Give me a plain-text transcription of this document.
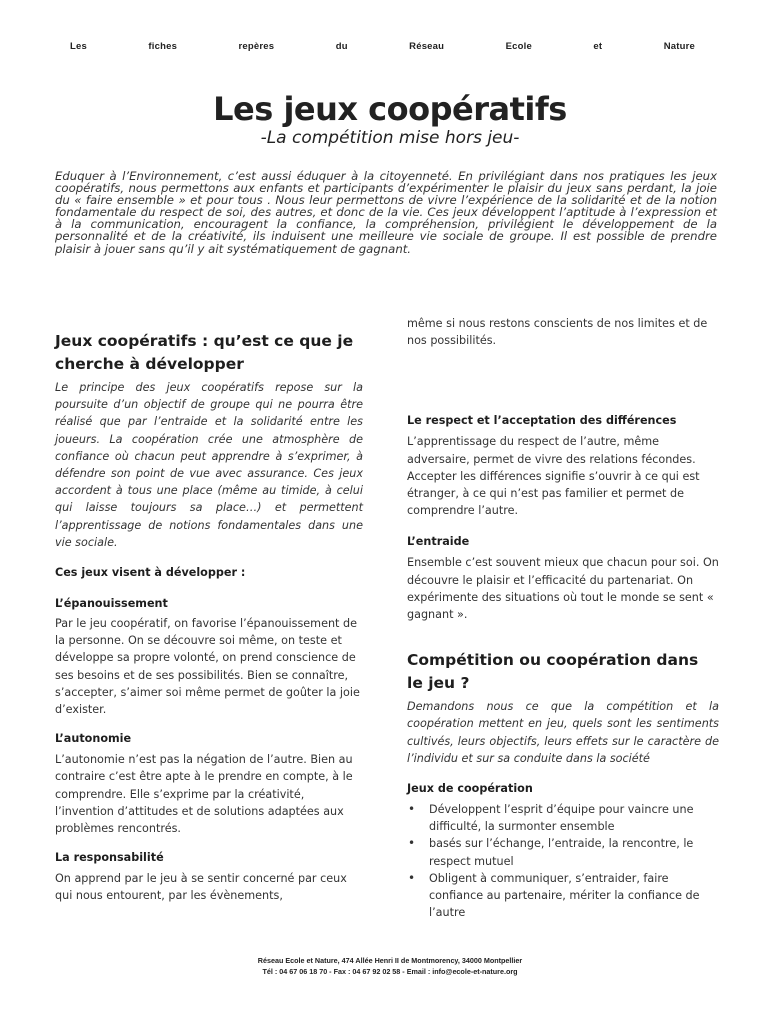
Les	fiches	repères	du	Réseau	Ecole	et	Nature
Les jeux coopératifs
-La compétition mise hors jeu-

Eduquer à l’Environnement, c’est aussi éduquer à la citoyenneté. En privilégiant dans nos pratiques les jeux coopératifs, nous permettons aux enfants et participants d’expérimenter le plaisir du jeux sans perdant, la joie du « faire ensemble » et pour tous . Nous leur permettons de vivre l’expérience de la solidarité et de la notion fondamentale du respect de soi, des autres, et donc de la vie. Ces jeux développent l’aptitude à l’expression et à la communication, encouragent la confiance, la compréhension, privilégient le développement de la personnalité et de la créativité, ils induisent une meilleure vie sociale de groupe. Il est possible de prendre plaisir à jouer sans qu’il y ait systématiquement de gagnant.

Jeux coopératifs : qu’est ce que je cherche à développer

Le principe des jeux coopératifs repose sur la poursuite d’un objectif de groupe qui ne pourra être réalisé que par l’entraide et la solidarité entre les joueurs. La coopération crée une atmosphère de confiance où chacun peut apprendre à s’exprimer, à défendre son point de vue avec assurance. Ces jeux accordent à tous une place (même au timide, à celui qui laisse toujours sa place…) et permettent l’apprentissage de notions fondamentales dans une vie sociale.

Ces jeux visent à développer :
L’épanouissement

Par le jeu coopératif, on favorise l’épanouissement de la personne. On se découvre soi même, on teste et développe sa propre volonté, on prend conscience de ses besoins et de ses possibilités. Bien se connaître, s’accepter, s’aimer soi même permet de goûter la joie d’exister.

L’autonomie

L’autonomie n’est pas la négation de l’autre. Bien au contraire c’est être apte à le prendre en compte, à le comprendre. Elle s’exprime par la créativité, l’invention d’attitudes et de solutions adaptées aux problèmes rencontrés.

La responsabilité

On apprend par le jeu à se sentir concerné par ceux qui nous entourent, par les évènements,

même si nous restons conscients de nos limites et de nos possibilités.

Le respect et l’acceptation des différences

L’apprentissage du respect de l’autre, même adversaire, permet de vivre des relations fécondes. Accepter les différences signifie s’ouvrir à ce qui est étranger, à ce qui n’est pas familier et permet de comprendre l’autre.

L’entraide

Ensemble c’est souvent mieux que chacun pour soi. On découvre le plaisir et l’efficacité du partenariat. On expérimente des situations où tout le monde se sent « gagnant ».

Compétition ou coopération dans le jeu ?

Demandons nous ce que la compétition et la coopération mettent en jeu, quels sont les sentiments cultivés, leurs objectifs, leurs effets sur le caractère de l’individu et sur sa conduite dans la société

Jeux de coopération
• Développent l’esprit d’équipe pour vaincre une difficulté, la surmonter ensemble
• basés sur l’échange, l’entraide, la rencontre, le respect mutuel
• Obligent à communiquer, s’entraider, faire confiance au partenaire, mériter la confiance de l’autre
Réseau Ecole et Nature, 474 Allée Henri II de Montmorency, 34000 Montpellier
Tél : 04 67 06 18 70 - Fax : 04 67 92 02 58 - Email : info@ecole-et-nature.org
